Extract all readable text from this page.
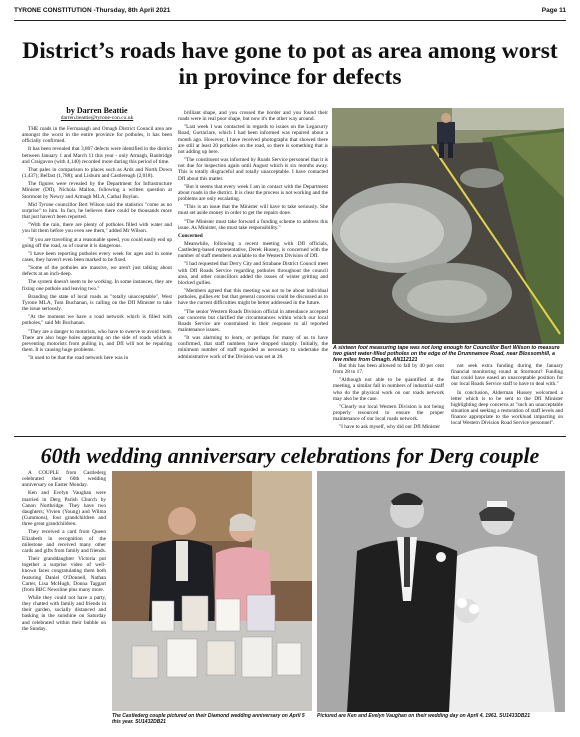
TYRONE CONSTITUTION -Thursday, 8th April 2021	Page 11
District’s roads have gone to pot as area among worst in province for defects
by Darren Beattie
darren.beattie@tyrone-con.co.uk

THE roads in the Fermanagh and Omagh District Council area are amongst the worst in the entire province for potholes, it has been officially confirmed.

It has been revealed that 3,807 defects were identified in the district between January 1 and March 11 this year - only Armagh, Banbridge and Craigavon (with 4,140) recorded more during this period of time.

That pales in comparison to places such as Ards and North Down (1,437); Belfast (1,788); and Lisburn and Castlereagh (2,018).

The figures were revealed by the Department for Infrastructure Minister (DfI), Nichola Mallon, following a written question at Stormont by Newry and Armagh MLA, Cathal Boylan.

Mid Tyrone councillor Bert Wilson said the statistics "come as no surprise" to him. In fact, he believes there could be thousands more that just haven't been reported.

"With the rain, there are plenty of potholes filled with water and you hit them before you even see them," added Mr Wilson.

"If you are travelling at a reasonable speed, you could easily end up going off the road, so of course it is dangerous.

"I have been reporting potholes every week for ages and in some cases, they haven't even been marked to be fixed.

"Some of the potholes are massive, we aren't just talking about defects at an inch-deep.

The system doesn't seem to be working. In some instances, they are fixing one pothole and leaving two."

Branding the state of local roads as "totally unacceptable", West Tyrone MLA, Tom Buchanan, is calling on the DfI Minister to take the issue seriously.

"At the moment we have a road network which is filled with potholes," said Mr Buchanan.

"They are a danger to motorists, who have to swerve to avoid them. There are also huge holes appearing on the side of roads which is preventing motorists from pulling in, and DfI will not be repairing them. It is causing huge problems.

"It used to be that the road network here was in

brilliant shape, and you crossed the border and you found their roads were in real poor shape, but now it's the other way around.

"Last week I was contacted in regards to issues on the Legacurry Road, Gortaclare, which I had been informed was repaired about a month ago. However, I have received photographs that showed there are still at least 20 potholes on the road, so there is something that is not adding up here.

"The constituent was informed by Roads Service personnel that it is not due for inspection again until August which is six months away. This is totally disgraceful and totally unacceptable. I have contacted DfI about this matter.

"But it seems that every week I am in contact with the Department about roads in the district. It is clear the process is not working and the problems are only escalating.

"This is an issue that the Minister will have to take seriously. She must set aside money in order to get the repairs done.

"The Minister must take forward a funding scheme to address this issue. As Minister, she must take responsibility."

Concerned

Meanwhile, following a recent meeting with DfI officials, Castlederg-based representative, Derek Hussey, is concerned with the number of staff members available to the Western Division of DfI.

"I had requested that Derry City and Strabane District Council meet with DfI Roads Service regarding potholes throughout the council area, and other councillors added the issues of winter gritting and blocked gullies.

"Members agreed that this meeting was not to be about individual potholes, gullies etc but that general concerns could be discussed as to have the current difficulties might be better addressed in the future.

"The senior Western Roads Division official in attendance accepted our concerns but clarified the circumstances within which our local Roads Service are constrained in their response to all reported maintenance issues.

"It was alarming to learn, or perhaps for many of us to have confirmed, that staff numbers have dropped sharply. Initially, the minimum number of staff regarded as necessary to undertake the administrative work of the Division was set at 28.

A sixteen foot measuring tape was not long enough for Councillor Bert Wilson to measure two giant water-filled potholes on the edge of the Drumnamoe Road, near Blossomhill, a few miles from Omagh. AN112121

But this has been allowed to fall by 40 per cent from 28 to 17.

"Although not able to be quantified at the meeting, a similar fall in numbers of industrial staff who do the physical work on our roads network may also be the case.

"Clearly our local Western Division is not being properly resourced to ensure the proper maintenance of our local roads network.

"I have to ask myself, why did our DfI Minister

not seek extra funding during the January financial monitoring round at Stormont? Funding that could have eased an unacceptable position for our local Roads Service staff to have to deal with."

In conclusion, Alderman Hussey welcomed a letter which is to be sent to the DfI Minister highlighting deep concerns at "such an unacceptable situation and seeking a restoration of staff levels and finance appropriate to the workload impacting on local Western Division Road Service personnel".

60th wedding anniversary celebrations for Derg couple

A COUPLE from Castlederg celebrated their 60th wedding anniversary on Easter Monday.

Ken and Evelyn Vaughan were married in Derg Parish Church by Canon Northridge. They have two daughters; Vivien (Young) and Wilma (Cummons), four grandchildren and three great grandchildren.

They received a card from Queen Elizabeth in recognition of the milestone and received many other cards and gifts from family and friends.

Their granddaughter Victoria put together a surprise video of well-known faces congratulating them both featuring Daniel O'Donnell, Nathan Carter, Lisa McHugh, Donna Taggart (from BBC Newsline plus many more.

While they could not have a party, they chatted with family and friends in their garden, socially distanced and basking in the sunshine on Saturday and celebrated within their bubble on the Sunday.

The Castlederg couple pictured on their Diamond wedding anniversary on April 5 this year. SU1432DB21
Pictured are Ken and Evelyn Vaughan on their wedding day on April 4, 1961. SU1433DB21
